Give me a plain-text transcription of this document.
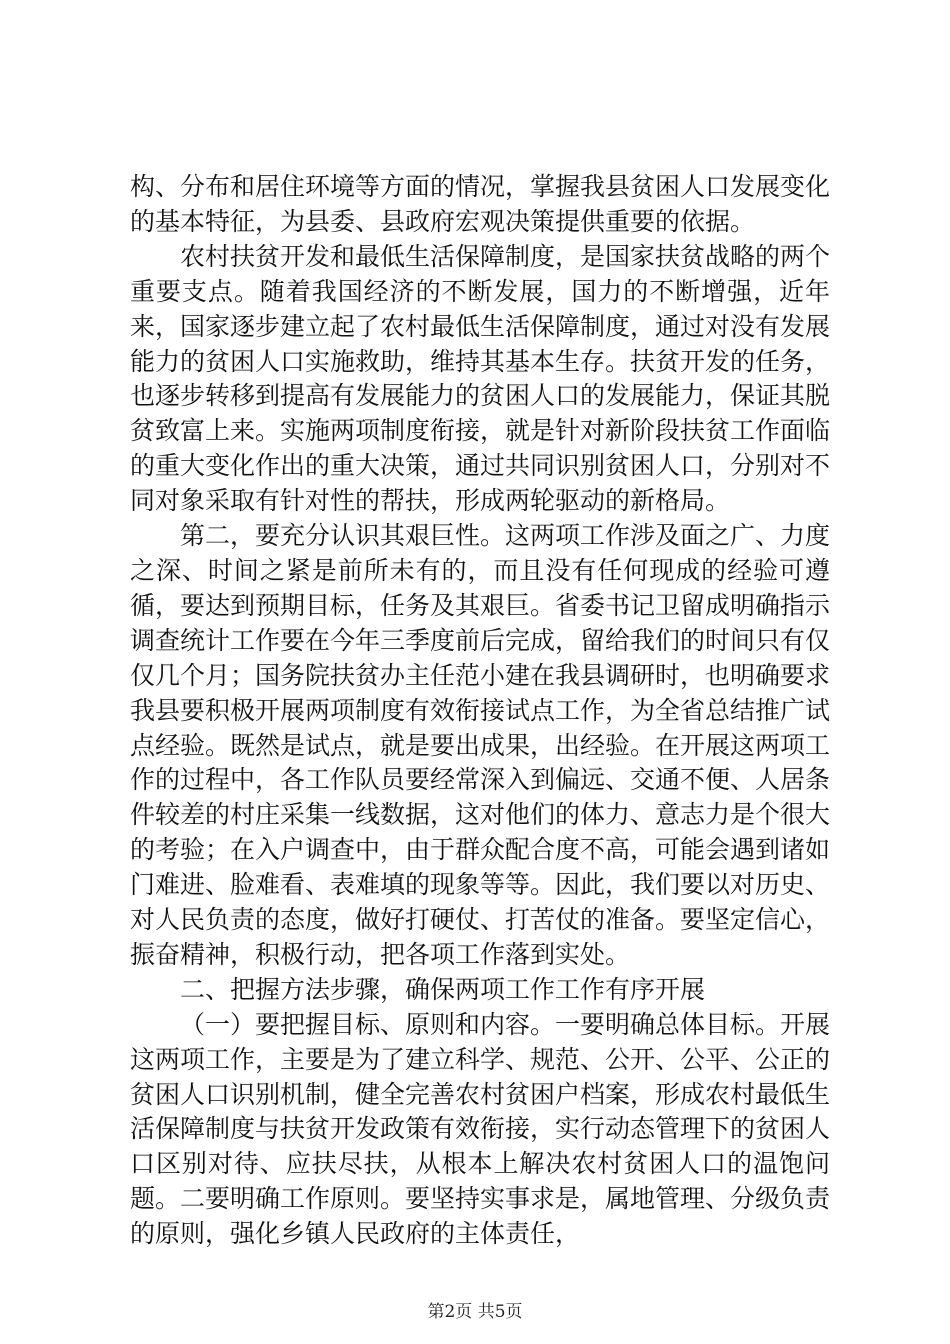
构、分布和居住环境等方面的情况，掌握我县贫困人口发展变化的基本特征，为县委、县政府宏观决策提供重要的依据。

农村扶贫开发和最低生活保障制度，是国家扶贫战略的两个重要支点。随着我国经济的不断发展，国力的不断增强，近年来，国家逐步建立起了农村最低生活保障制度，通过对没有发展能力的贫困人口实施救助，维持其基本生存。扶贫开发的任务，也逐步转移到提高有发展能力的贫困人口的发展能力，保证其脱贫致富上来。实施两项制度衔接，就是针对新阶段扶贫工作面临的重大变化作出的重大决策，通过共同识别贫困人口，分别对不同对象采取有针对性的帮扶，形成两轮驱动的新格局。

第二，要充分认识其艰巨性。这两项工作涉及面之广、力度之深、时间之紧是前所未有的，而且没有任何现成的经验可遵循，要达到预期目标，任务及其艰巨。省委书记卫留成明确指示调查统计工作要在今年三季度前后完成，留给我们的时间只有仅仅几个月；国务院扶贫办主任范小建在我县调研时，也明确要求我县要积极开展两项制度有效衔接试点工作，为全省总结推广试点经验。既然是试点，就是要出成果，出经验。在开展这两项工作的过程中，各工作队员要经常深入到偏远、交通不便、人居条件较差的村庄采集一线数据，这对他们的体力、意志力是个很大的考验；在入户调查中，由于群众配合度不高，可能会遇到诸如门难进、脸难看、表难填的现象等等。因此，我们要以对历史、对人民负责的态度，做好打硬仗、打苦仗的准备。要坚定信心，振奋精神，积极行动，把各项工作落到实处。

二、把握方法步骤，确保两项工作工作有序开展

（一）要把握目标、原则和内容。一要明确总体目标。开展这两项工作，主要是为了建立科学、规范、公开、公平、公正的贫困人口识别机制，健全完善农村贫困户档案，形成农村最低生活保障制度与扶贫开发政策有效衔接，实行动态管理下的贫困人口区别对待、应扶尽扶，从根本上解决农村贫困人口的温饱问题。二要明确工作原则。要坚持实事求是，属地管理、分级负责的原则，强化乡镇人民政府的主体责任，

第2页 共5页
